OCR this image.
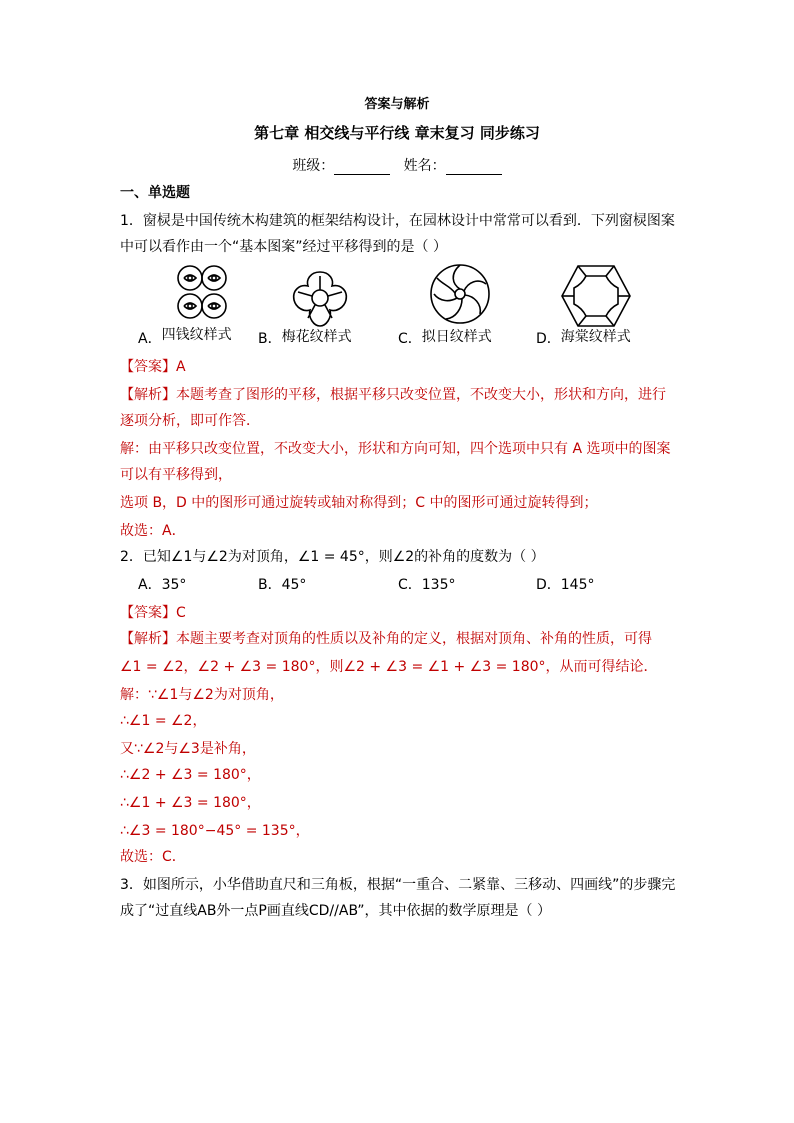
答案与解析
第七章 相交线与平行线 章末复习 同步练习
班级：	姓名：
一、单选题
1．窗棂是中国传统木构建筑的框架结构设计，在园林设计中常常可以看到．下列窗棂图案
中可以看作由一个“基本图案”经过平移得到的是（ ）
A．四钱纹样式 B．梅花纹样式	C．拟日纹样式	D．海棠纹样式
【答案】A
【解析】本题考查了图形的平移，根据平移只改变位置，不改变大小，形状和方向，进行
逐项分析，即可作答．
解：由平移只改变位置，不改变大小，形状和方向可知，四个选项中只有 A 选项中的图案
可以有平移得到，
选项 B，D 中的图形可通过旋转或轴对称得到；C 中的图形可通过旋转得到；
故选：A．
2．已知∠1与∠2为对顶角，∠1 = 45°，则∠2的补角的度数为（ ）
A．35°	B．45°	C．135°	D．145°
【答案】C
【解析】本题主要考查对顶角的性质以及补角的定义，根据对顶角、补角的性质，可得
∠1 = ∠2，∠2 + ∠3 = 180°，则∠2 + ∠3 = ∠1 + ∠3 = 180°，从而可得结论．
解：∵∠1与∠2为对顶角，
∴∠1 = ∠2，
又∵∠2与∠3是补角，
∴∠2 + ∠3 = 180°，
∴∠1 + ∠3 = 180°，
∴∠3 = 180°−45° = 135°，
故选：C．
3．如图所示，小华借助直尺和三角板，根据“一重合、二紧靠、三移动、四画线”的步骤完
成了“过直线AB外一点P画直线CD//AB”，其中依据的数学原理是（ ）
